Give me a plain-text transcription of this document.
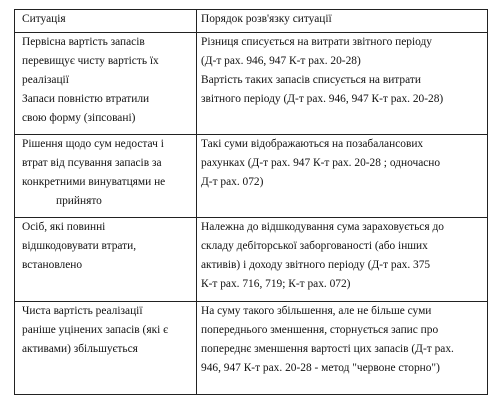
Ситуація	Порядок розв'язку ситуації

Первісна вартість запасів
перевищує чисту вартість їх
реалізації
Запаси повністю втратили
свою форму (зіпсовані)	Різниця списується на витрати звітного періоду
(Д-т рах. 946, 947 К-т рах. 20-28)
Вартість таких запасів списується на витрати
звітного періоду (Д-т рах. 946, 947 К-т рах. 20-28)

Рішення щодо сум недостач і
втрат від псування запасів за
конкретними винуватцями не
прийнято	Такі суми відображаються на позабалансових
рахунках (Д-т рах. 947 К-т рах. 20-28 ; одночасно
Д-т рах. 072)

Осіб, які повинні
відшкодовувати втрати,
встановлено	Належна до відшкодування сума зараховується до
складу дебіторської заборгованості (або інших
активів) і доходу звітного періоду (Д-т рах. 375
К-т рах. 716, 719; К-т рах. 072)

Чиста вартість реалізації
раніше уцінених запасів (які є
активами) збільшується	На суму такого збільшення, але не більше суми
попереднього зменшення, сторнується запис про
попереднє зменшення вартості цих запасів (Д-т рах.
946, 947 К-т рах. 20-28 - метод "червоне сторно")
